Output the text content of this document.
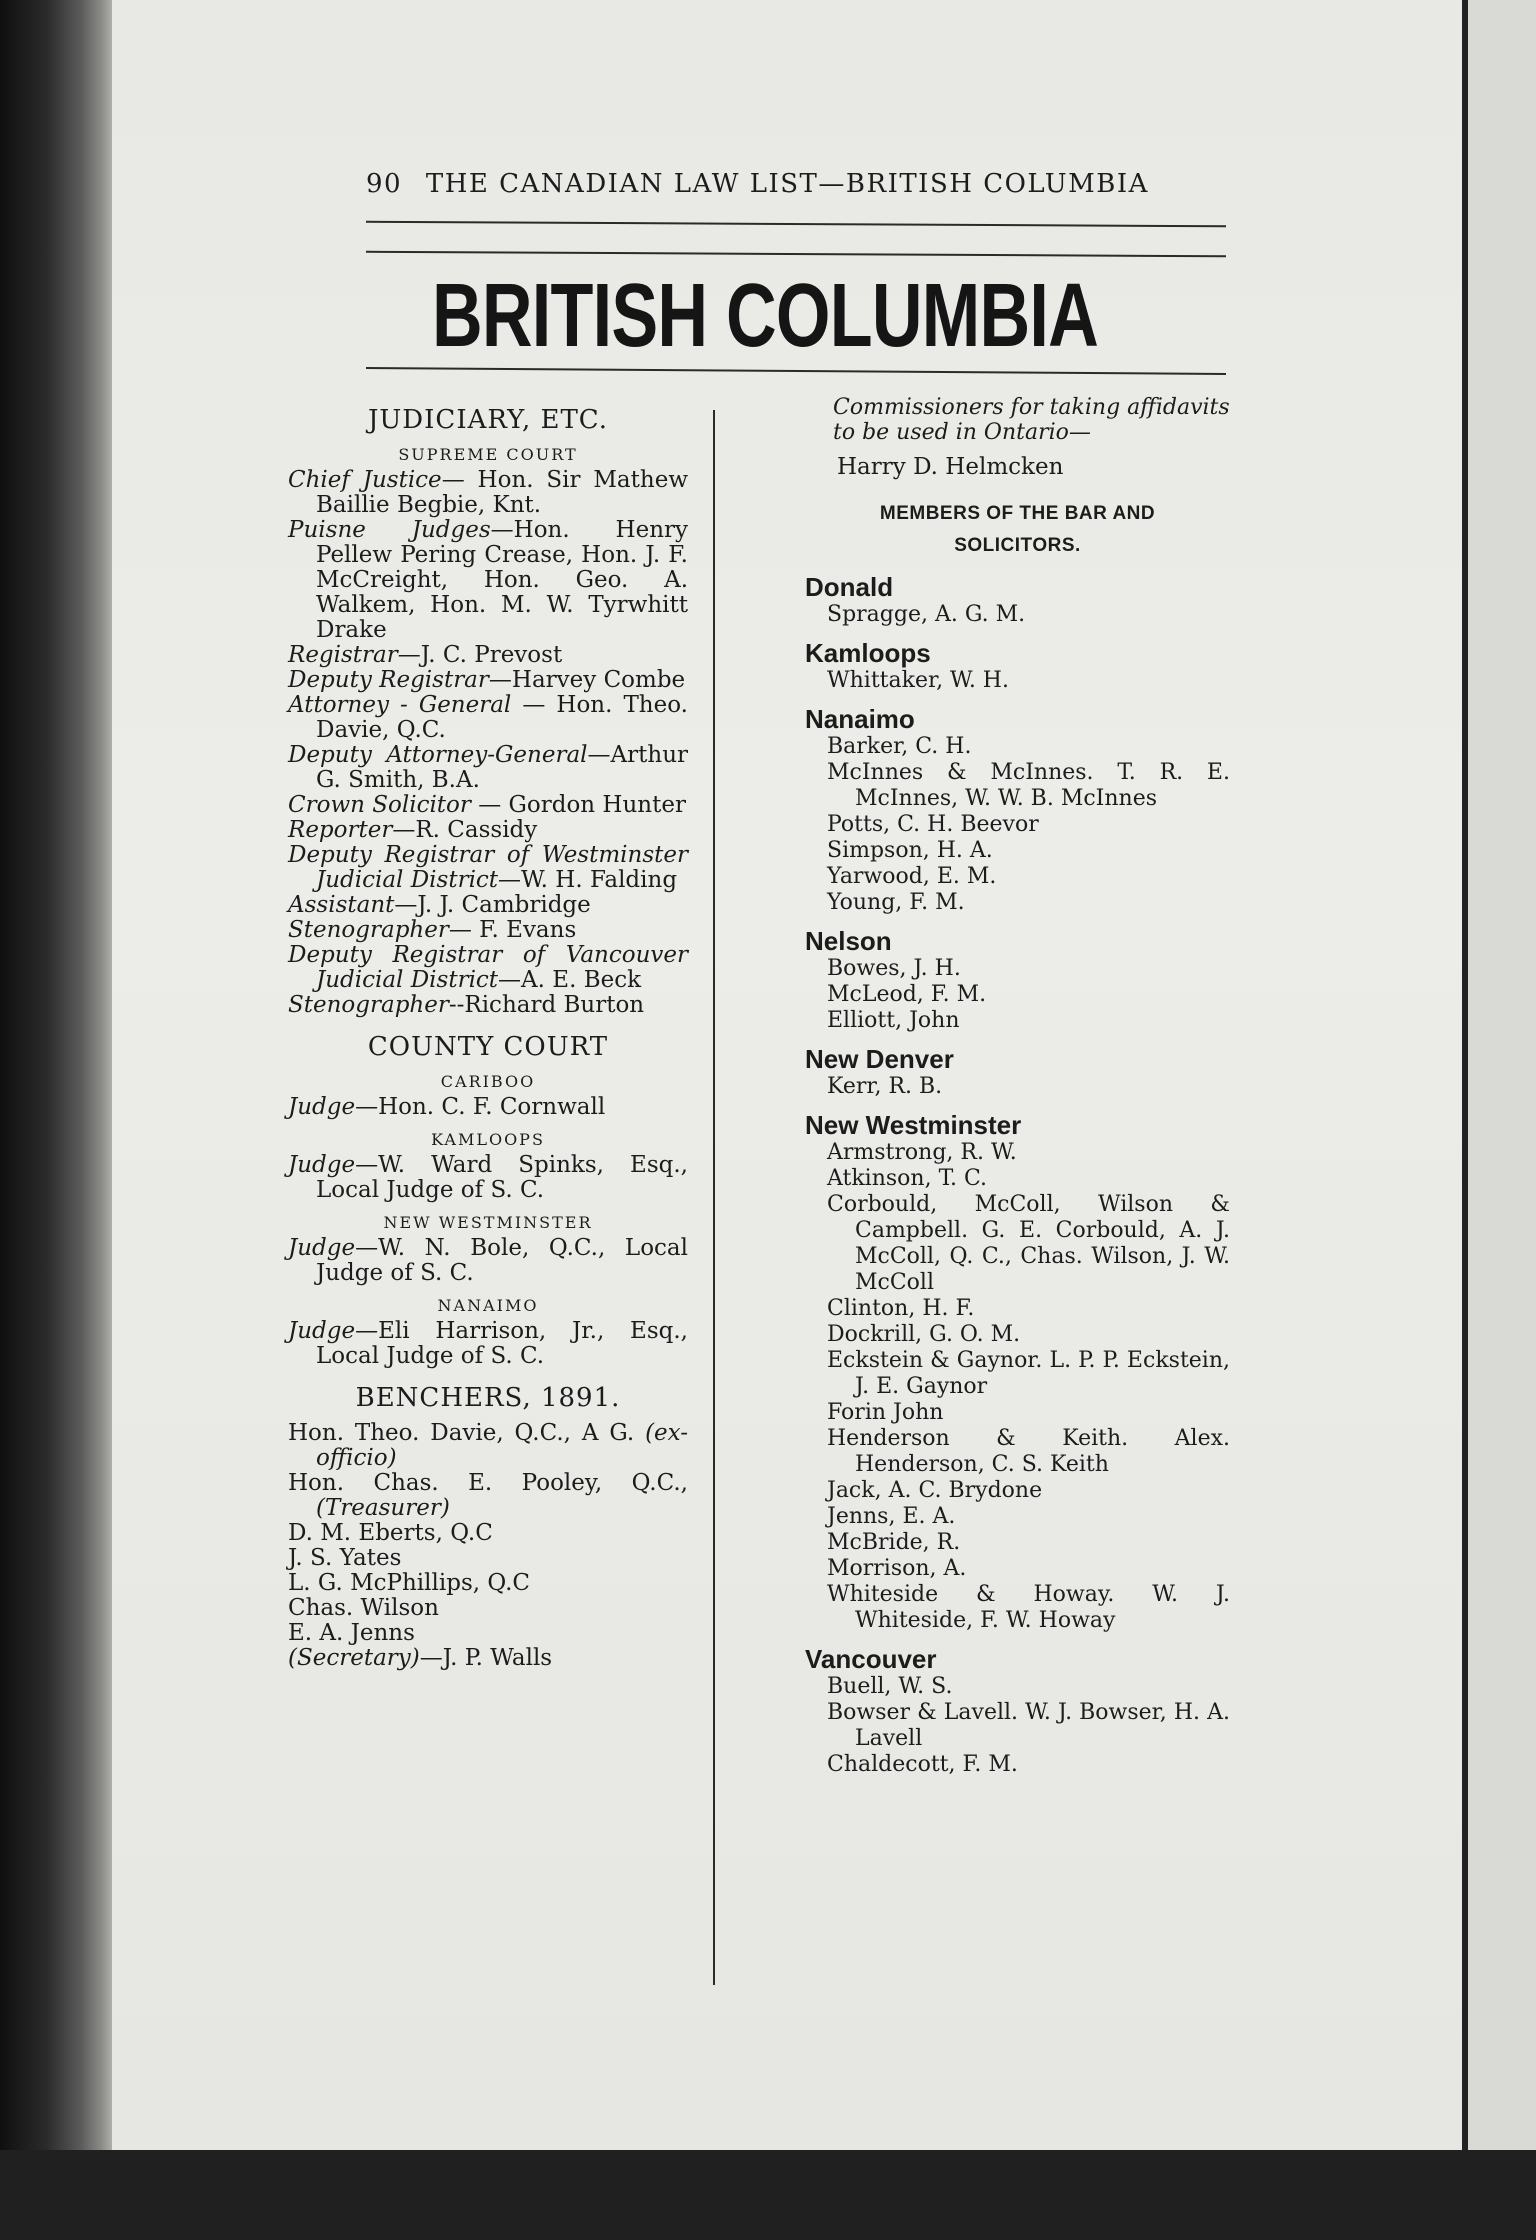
90 THE CANADIAN LAW LIST—BRITISH COLUMBIA
BRITISH COLUMBIA
JUDICIARY, ETC.
SUPREME COURT
Chief Justice— Hon. Sir Mathew Baillie Begbie, Knt.
Puisne Judges—Hon. Henry Pellew Pering Crease, Hon. J. F. McCreight, Hon. Geo. A. Walkem, Hon. M. W. Tyrwhitt Drake
Registrar—J. C. Prevost
Deputy Registrar—Harvey Combe
Attorney - General — Hon. Theo. Davie, Q.C.
Deputy Attorney-General—Arthur G. Smith, B.A.
Crown Solicitor — Gordon Hunter
Reporter—R. Cassidy
Deputy Registrar of Westminster Judicial District—W. H. Falding
Assistant—J. J. Cambridge
Stenographer— F. Evans
Deputy Registrar of Vancouver Judicial District—A. E. Beck
Stenographer--Richard Burton
COUNTY COURT
CARIBOO
Judge—Hon. C. F. Cornwall
KAMLOOPS
Judge—W. Ward Spinks, Esq., Local Judge of S. C.
NEW WESTMINSTER
Judge—W. N. Bole, Q.C., Local Judge of S. C.
NANAIMO
Judge—Eli Harrison, Jr., Esq., Local Judge of S. C.
BENCHERS, 1891.
Hon. Theo. Davie, Q.C., A G. (ex-officio)
Hon. Chas. E. Pooley, Q.C., (Treasurer)
D. M. Eberts, Q.C
J. S. Yates
L. G. McPhillips, Q.C
Chas. Wilson
E. A. Jenns
(Secretary)—J. P. Walls
Commissioners for taking affidavits to be used in Ontario—
Harry D. Helmcken
MEMBERS OF THE BAR AND
SOLICITORS.
Donald
Spragge, A. G. M.
Kamloops
Whittaker, W. H.
Nanaimo
Barker, C. H.
McInnes & McInnes. T. R. E. McInnes, W. W. B. McInnes
Potts, C. H. Beevor
Simpson, H. A.
Yarwood, E. M.
Young, F. M.
Nelson
Bowes, J. H.
McLeod, F. M.
Elliott, John
New Denver
Kerr, R. B.
New Westminster
Armstrong, R. W.
Atkinson, T. C.
Corbould, McColl, Wilson & Campbell. G. E. Corbould, A. J. McColl, Q. C., Chas. Wilson, J. W. McColl
Clinton, H. F.
Dockrill, G. O. M.
Eckstein & Gaynor. L. P. P. Eckstein, J. E. Gaynor
Forin John
Henderson & Keith. Alex. Henderson, C. S. Keith
Jack, A. C. Brydone
Jenns, E. A.
McBride, R.
Morrison, A.
Whiteside & Howay. W. J. Whiteside, F. W. Howay
Vancouver
Buell, W. S.
Bowser & Lavell. W. J. Bowser, H. A. Lavell
Chaldecott, F. M.
